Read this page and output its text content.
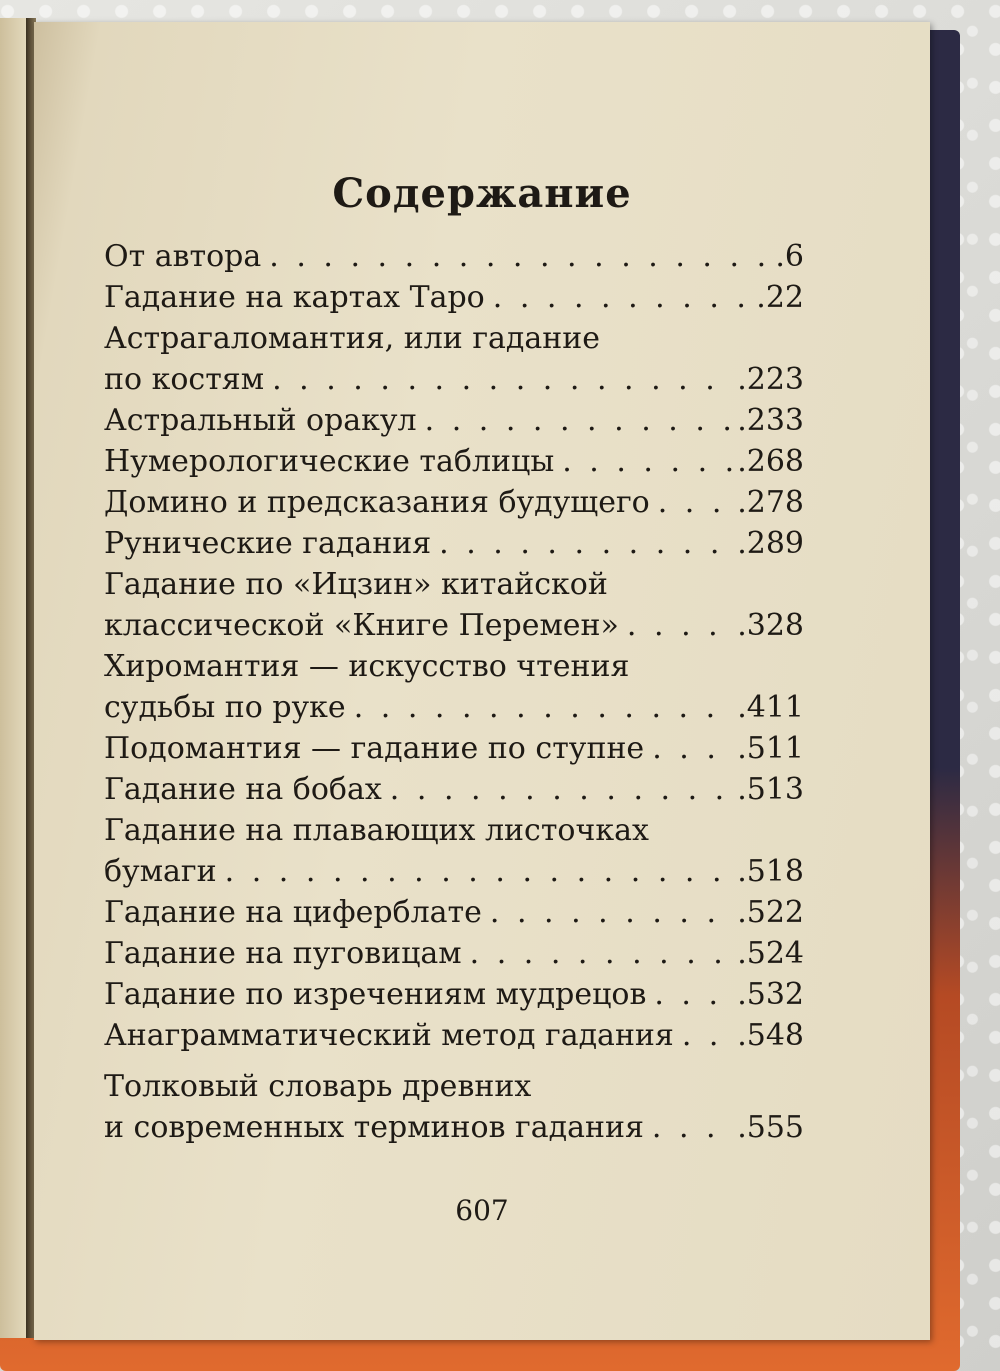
Содержание
От автора . . .	.6
Гадание на картах Таро . . .	.22
Астрагаломантия, или гадание
по костям . . .	.223
Астральный оракул . . .	.233
Нумерологические таблицы . . .	.268
Домино и предсказания будущего . . .	.278
Рунические гадания . . .	.289
Гадание по «Ицзин» китайской
классической «Книге Перемен» . . .	.328
Хиромантия — искусство чтения
судьбы по руке . . .	.411
Подомантия — гадание по ступне . . .	.511
Гадание на бобах . . .	.513
Гадание на плавающих листочках
бумаги . . .	.518
Гадание на циферблате . . .	.522
Гадание на пуговицам . . .	.524
Гадание по изречениям мудрецов . . .	.532
Анаграмматический метод гадания . . . .548
Толковый словарь древних
и современных терминов гадания . . .	.555
607
